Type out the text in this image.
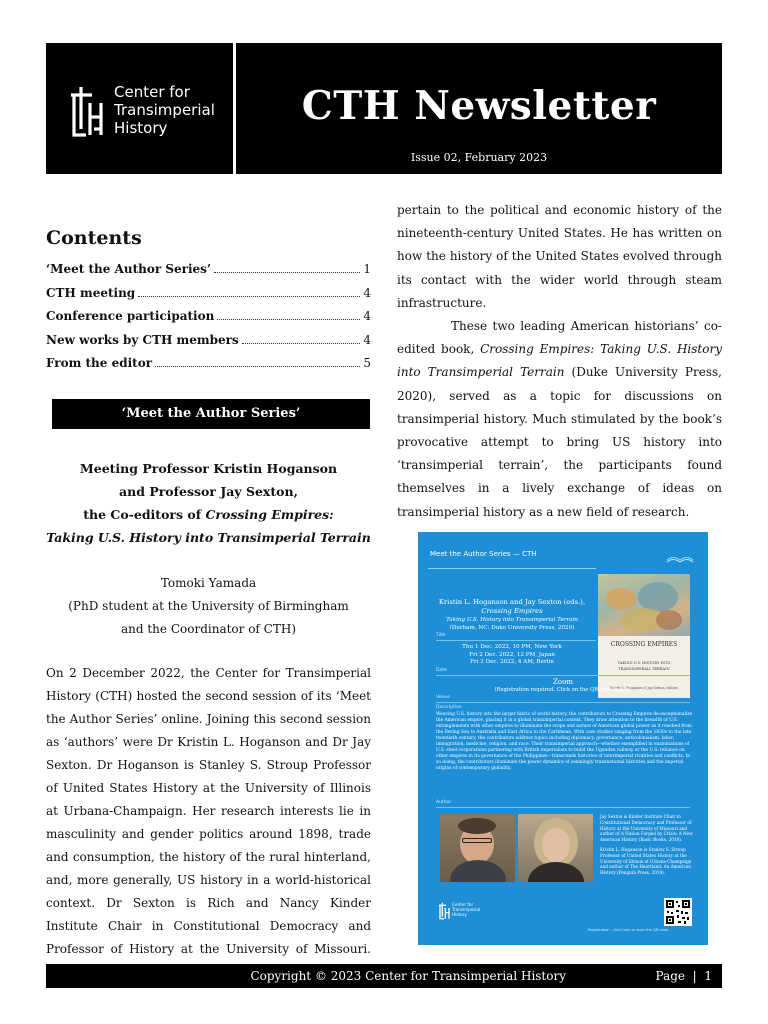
Center for
Transimperial
History	CTH Newsletter
Issue 02, February 2023
Contents
‘Meet the Author Series’	1
CTH meeting	4
Conference participation	4
New works by CTH members	4
From the editor	5
‘Meet the Author Series’
Meeting Professor Kristin Hoganson
and Professor Jay Sexton,
the Co-editors of Crossing Empires:
Taking U.S. History into Transimperial Terrain
Tomoki Yamada
(PhD student at the University of Birmingham
and the Coordinator of CTH)
On 2 December 2022, the Center for Transimperial History (CTH) hosted the second session of its ‘Meet the Author Series’ online. Joining this second session as ‘authors’ were Dr Kristin L. Hoganson and Dr Jay Sexton. Dr Hoganson is Stanley S. Stroup Professor of United States History at the University of Illinois at Urbana-Champaign. Her research interests lie in masculinity and gender politics around 1898, trade and consumption, the history of the rural hinterland, and, more generally, US history in a world-historical context. Dr Sexton is Rich and Nancy Kinder Institute Chair in Constitutional Democracy and Professor of History at the University of Missouri.

pertain to the political and economic history of the nineteenth-century United States. He has written on how the history of the United States evolved through its contact with the wider world through steam infrastructure.

These two leading American historians’ co-edited book, Crossing Empires: Taking U.S. History into Transimperial Terrain (Duke University Press, 2020), served as a topic for discussions on transimperial history. Much stimulated by the book’s provocative attempt to bring US history into ‘transimperial terrain’, the participants found themselves in a lively exchange of ideas on transimperial history as a new field of research.

Meet the Author Series — CTH
CROSSING EMPIRES
TAKING U.S. HISTORY INTO
TRANSIMPERIAL TERRAIN
Kristin L. Hoganson & Jay Sexton, editors
Kristin L. Hoganson and Jay Sexton (eds.),
Crossing Empires
Taking U.S. History into Transimperial Terrain
(Durham, NC: Duke University Press, 2020)
Title
Thu 1 Dec. 2022, 10 PM, New York
Fri 2 Dec. 2022, 12 PM, Japan
Fri 2 Dec. 2022, 4 AM, Berlin
Date
Zoom
(Registration required. Click on the QR code below)
Venue
Description
Weaving U.S. history into the larger fabric of world history, the contributors to Crossing Empires de-exceptionalize the American empire, placing it in a global transimperial context. They draw attention to the breadth of U.S. entanglements with other empires to illuminate the scope and nature of American global power as it reached from the Bering Sea to Australia and East Africa to the Caribbean. With case studies ranging from the 1830s to the late twentieth century, the contributors address topics including diplomacy, governance, anticolonialism, labor, immigration, medicine, religion, and race. Their transimperial approach—whether exemplified in examinations of U.S. steel corporations partnering with British imperialists to build the Ugandan railway or the U.S. reliance on other empires in its governance of the Philippines—transcends histories of interimperial rivalries and conflicts. In so doing, the contributors illuminate the power dynamics of seemingly transnational histories and the imperial origins of contemporary globality.
Author

Jay Sexton is Kinder Institute Chair in Constitutional Democracy and Professor of History at the University of Missouri and author of A Nation Forged by Crisis: A New American History (Basic Books, 2018).

Kristin L. Hoganson is Stanley S. Stroup Professor of United States History at the University of Illinois at Urbana-Champaign and author of The Heartland: An American History (Penguin Press, 2019).

Center for
Transimperial
History
Registration - click here or scan the QR code
Copyright © 2023 Center for Transimperial History	Page | 1
